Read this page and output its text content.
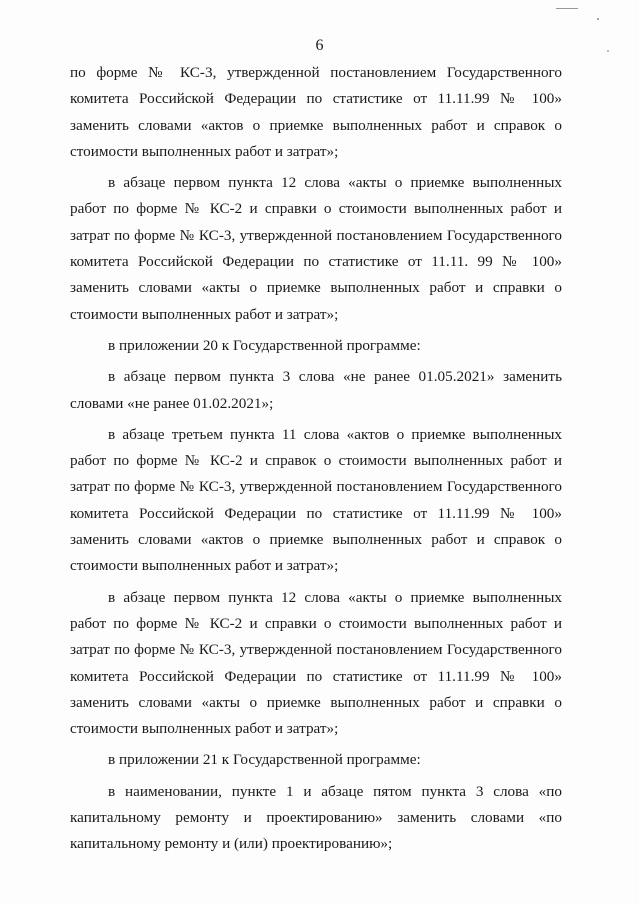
6

по форме № КС-3, утвержденной постановлением Государственного комитета Российской Федерации по статистике от 11.11.99 № 100» заменить словами «актов о приемке выполненных работ и справок о стоимости выполненных работ и затрат»;

в абзаце первом пункта 12 слова «акты о приемке выполненных работ по форме № КС-2 и справки о стоимости выполненных работ и затрат по форме № КС-3, утвержденной постановлением Государственного комитета Российской Федерации по статистике от 11.11. 99 № 100» заменить словами «акты о приемке выполненных работ и справки о стоимости выполненных работ и затрат»;

в приложении 20 к Государственной программе:

в абзаце первом пункта 3 слова «не ранее 01.05.2021» заменить словами «не ранее 01.02.2021»;

в абзаце третьем пункта 11 слова «актов о приемке выполненных работ по форме № КС-2 и справок о стоимости выполненных работ и затрат по форме № КС-3, утвержденной постановлением Государственного комитета Российской Федерации по статистике от 11.11.99 № 100» заменить словами «актов о приемке выполненных работ и справок о стоимости выполненных работ и затрат»;

в абзаце первом пункта 12 слова «акты о приемке выполненных работ по форме № КС-2 и справки о стоимости выполненных работ и затрат по форме № КС-3, утвержденной постановлением Государственного комитета Российской Федерации по статистике от 11.11.99 № 100» заменить словами «акты о приемке выполненных работ и справки о стоимости выполненных работ и затрат»;

в приложении 21 к Государственной программе:

в наименовании, пункте 1 и абзаце пятом пункта 3 слова «по капитальному ремонту и проектированию» заменить словами «по капитальному ремонту и (или) проектированию»;
